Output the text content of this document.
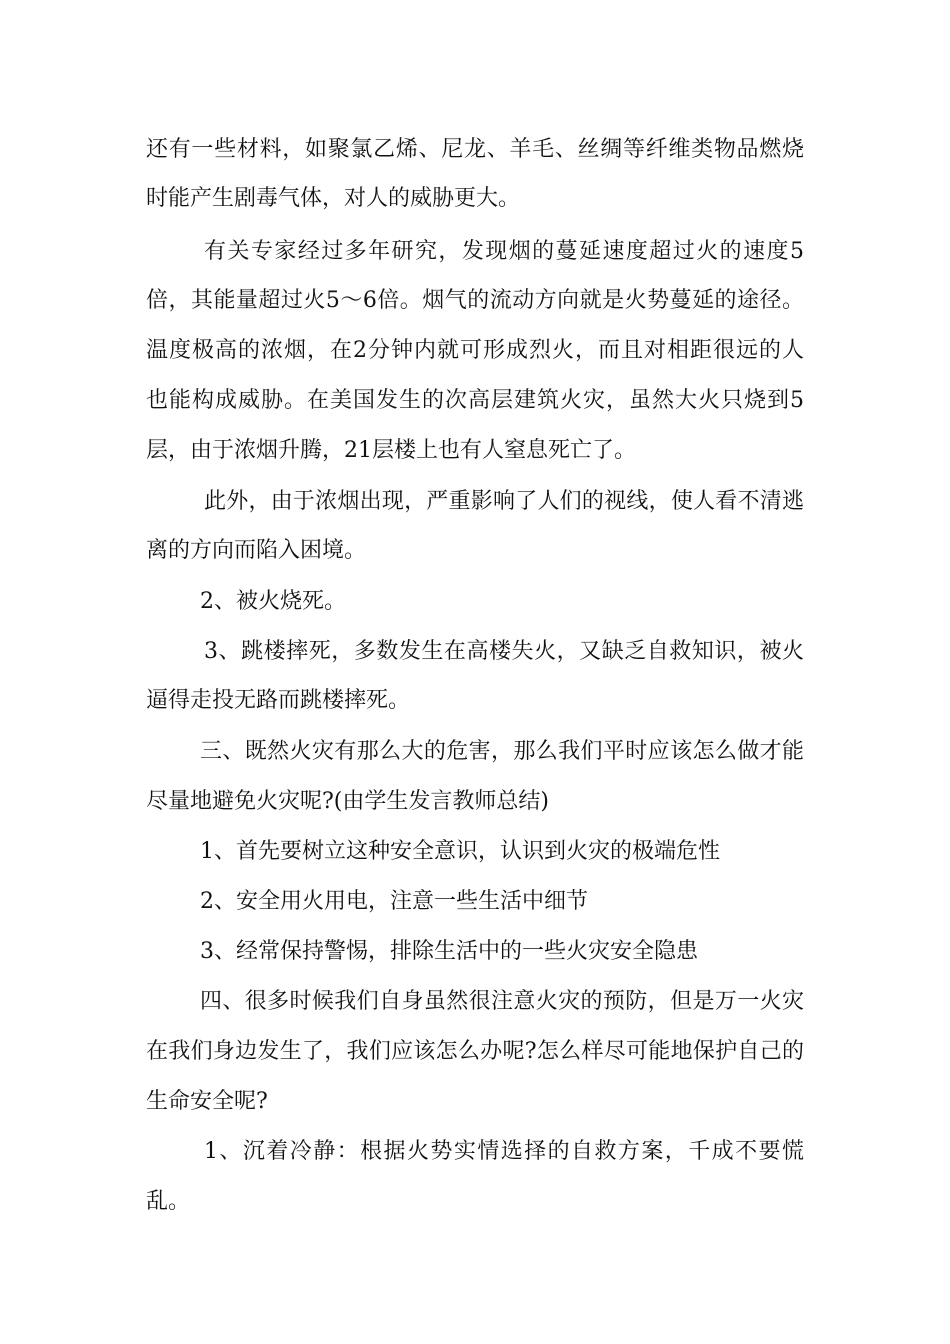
还有一些材料，如聚氯乙烯、尼龙、羊毛、丝绸等纤维类物品燃烧
时能产生剧毒气体，对人的威胁更大。
有关专家经过多年研究，发现烟的蔓延速度超过火的速度5
倍，其能量超过火5～6倍。烟气的流动方向就是火势蔓延的途径。
温度极高的浓烟，在2分钟内就可形成烈火，而且对相距很远的人
也能构成威胁。在美国发生的次高层建筑火灾，虽然大火只烧到5
层，由于浓烟升腾，21层楼上也有人窒息死亡了。
此外，由于浓烟出现，严重影响了人们的视线，使人看不清逃
离的方向而陷入困境。
2、被火烧死。
3、跳楼摔死，多数发生在高楼失火，又缺乏自救知识，被火
逼得走投无路而跳楼摔死。
三、既然火灾有那么大的危害，那么我们平时应该怎么做才能
尽量地避免火灾呢?(由学生发言教师总结)
1、首先要树立这种安全意识，认识到火灾的极端危性
2、安全用火用电，注意一些生活中细节
3、经常保持警惕，排除生活中的一些火灾安全隐患
四、很多时候我们自身虽然很注意火灾的预防，但是万一火灾
在我们身边发生了，我们应该怎么办呢?怎么样尽可能地保护自己的
生命安全呢?
1、沉着冷静：根据火势实情选择的自救方案，千成不要慌
乱。
